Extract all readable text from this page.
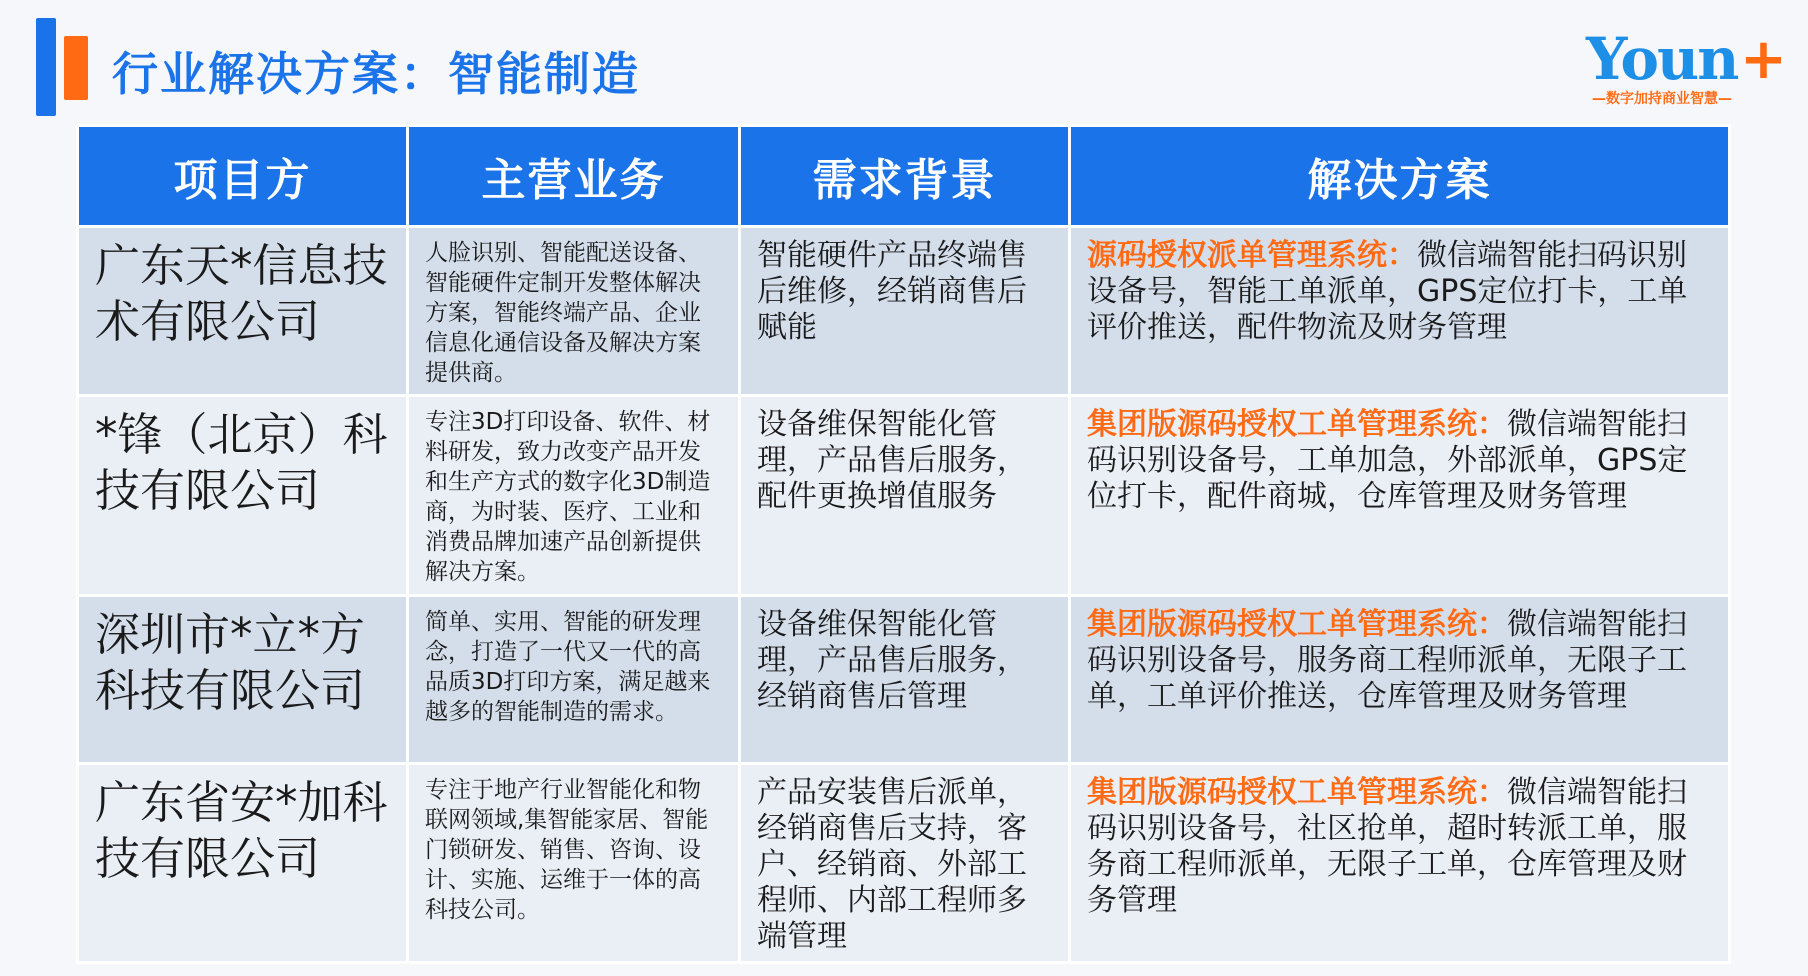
行业解决方案：智能制造	Youn +
—数字加持商业智慧—
项目方	主营业务	需求背景	解决方案
广东天*信息技术有限公司	人脸识别、智能配送设备、智能硬件定制开发整体解决方案，智能终端产品、企业信息化通信设备及解决方案提供商。	智能硬件产品终端售后维修，经销商售后赋能	源码授权派单管理系统：微信端智能扫码识别设备号，智能工单派单，GPS定位打卡，工单评价推送，配件物流及财务管理
*锋（北京）科技有限公司	专注3D打印设备、软件、材料研发，致力改变产品开发和生产方式的数字化3D制造商，为时装、医疗、工业和消费品牌加速产品创新提供解决方案。	设备维保智能化管理，产品售后服务，配件更换增值服务	集团版源码授权工单管理系统：微信端智能扫码识别设备号，工单加急，外部派单，GPS定位打卡，配件商城，仓库管理及财务管理
深圳市*立*方科技有限公司	简单、实用、智能的研发理念，打造了一代又一代的高品质3D打印方案，满足越来越多的智能制造的需求。	设备维保智能化管理，产品售后服务，经销商售后管理	集团版源码授权工单管理系统：微信端智能扫码识别设备号，服务商工程师派单，无限子工单，工单评价推送，仓库管理及财务管理
广东省安*加科技有限公司	专注于地产行业智能化和物联网领域,集智能家居、智能门锁研发、销售、咨询、设计、实施、运维于一体的高科技公司。	产品安装售后派单，经销商售后支持，客户、经销商、外部工程师、内部工程师多端管理	集团版源码授权工单管理系统：微信端智能扫码识别设备号，社区抢单，超时转派工单，服务商工程师派单，无限子工单，仓库管理及财务管理
